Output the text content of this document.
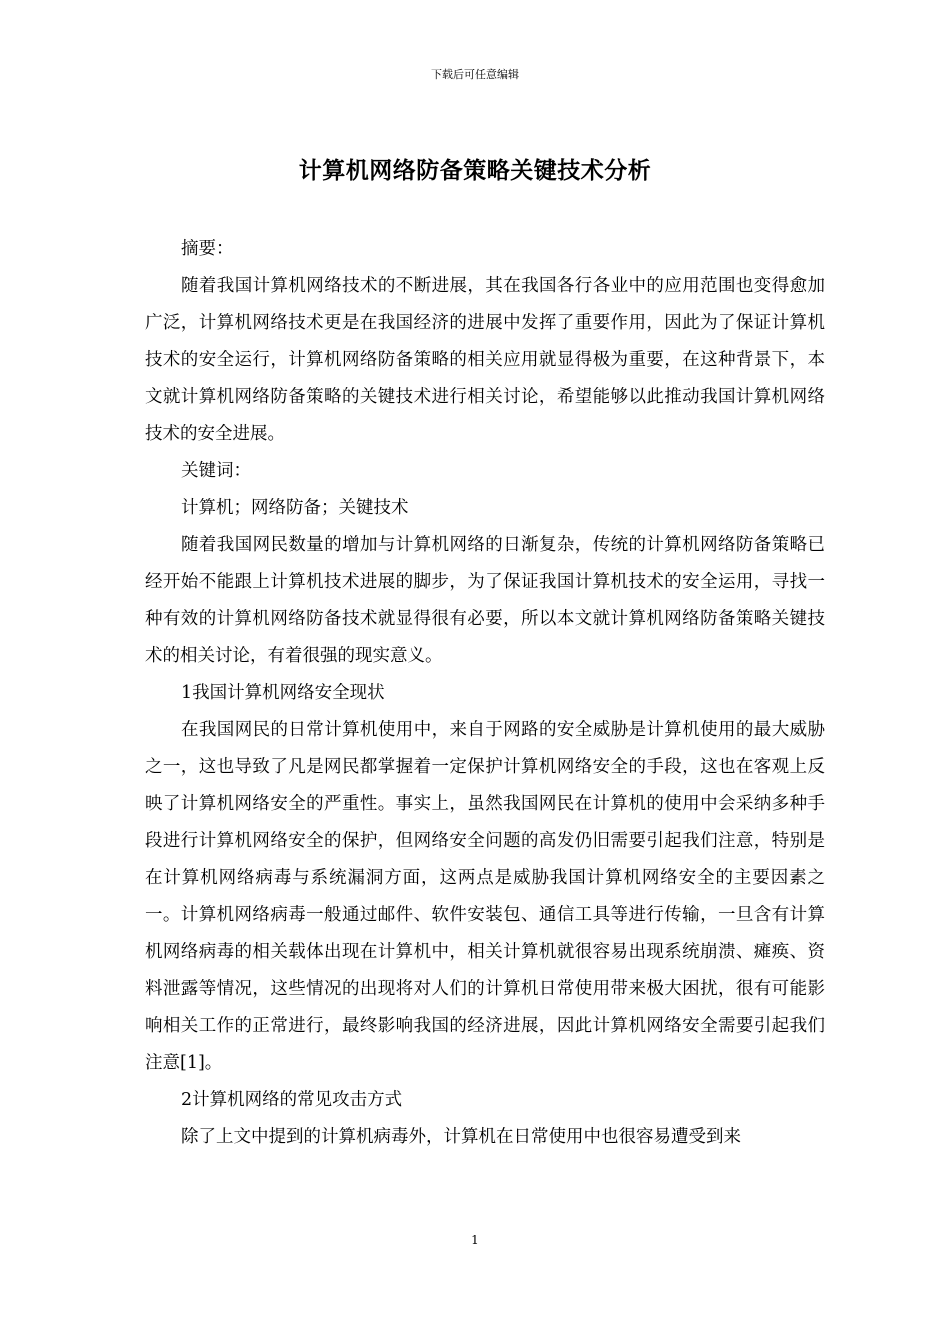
下载后可任意编辑
计算机网络防备策略关键技术分析

摘要：

随着我国计算机网络技术的不断进展，其在我国各行各业中的应用范围也变得愈加广泛，计算机网络技术更是在我国经济的进展中发挥了重要作用，因此为了保证计算机技术的安全运行，计算机网络防备策略的相关应用就显得极为重要，在这种背景下，本文就计算机网络防备策略的关键技术进行相关讨论，希望能够以此推动我国计算机网络技术的安全进展。

关键词：

计算机；网络防备；关键技术

随着我国网民数量的增加与计算机网络的日渐复杂，传统的计算机网络防备策略已经开始不能跟上计算机技术进展的脚步，为了保证我国计算机技术的安全运用，寻找一种有效的计算机网络防备技术就显得很有必要，所以本文就计算机网络防备策略关键技术的相关讨论，有着很强的现实意义。

1我国计算机网络安全现状

在我国网民的日常计算机使用中，来自于网路的安全威胁是计算机使用的最大威胁之一，这也导致了凡是网民都掌握着一定保护计算机网络安全的手段，这也在客观上反映了计算机网络安全的严重性。事实上，虽然我国网民在计算机的使用中会采纳多种手段进行计算机网络安全的保护，但网络安全问题的高发仍旧需要引起我们注意，特别是在计算机网络病毒与系统漏洞方面，这两点是威胁我国计算机网络安全的主要因素之一。计算机网络病毒一般通过邮件、软件安装包、通信工具等进行传输，一旦含有计算机网络病毒的相关载体出现在计算机中，相关计算机就很容易出现系统崩溃、瘫痪、资料泄露等情况，这些情况的出现将对人们的计算机日常使用带来极大困扰，很有可能影响相关工作的正常进行，最终影响我国的经济进展，因此计算机网络安全需要引起我们注意[1]。

2计算机网络的常见攻击方式

除了上文中提到的计算机病毒外，计算机在日常使用中也很容易遭受到来

1
